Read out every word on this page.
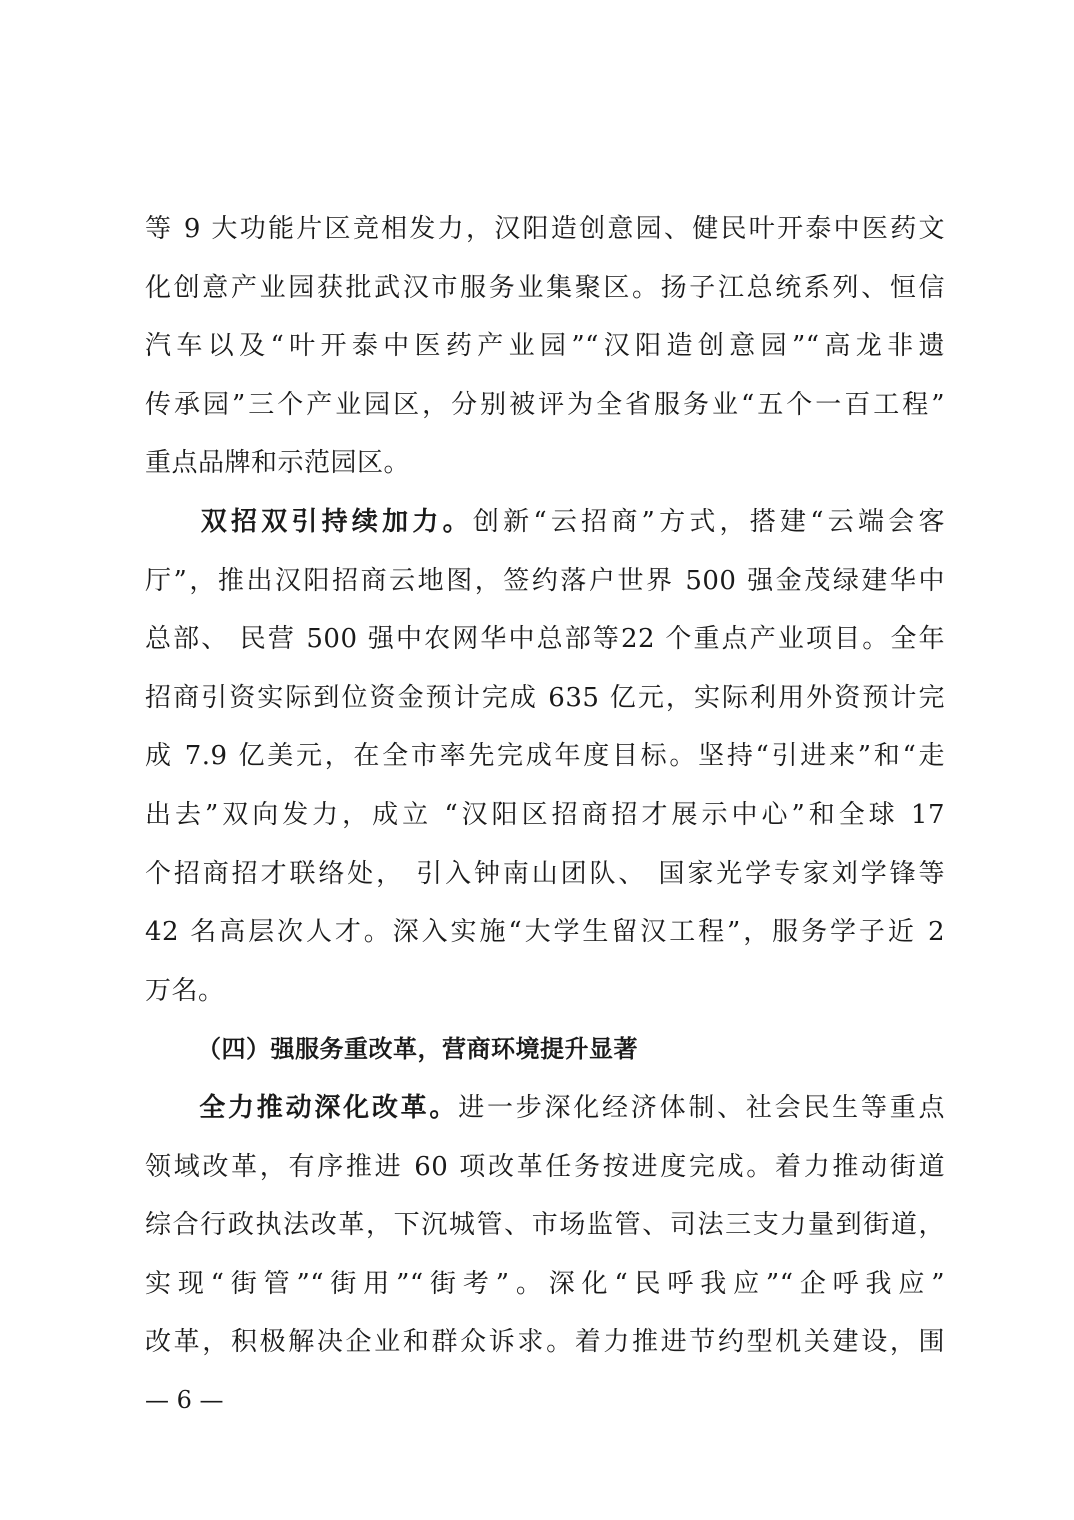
等 9 大功能片区竞相发力，汉阳造创意园、健民叶开泰中医药文
化创意产业园获批武汉市服务业集聚区。扬子江总统系列、恒信
汽车以及“叶开泰中医药产业园”“汉阳造创意园”“高龙非遗
传承园”三个产业园区，分别被评为全省服务业“五个一百工程”
重点品牌和示范园区。
双招双引持续加力。创新“云招商”方式，搭建“云端会客
厅”，推出汉阳招商云地图，签约落户世界 500 强金茂绿建华中
总部、 民营 500 强中农网华中总部等22 个重点产业项目。全年
招商引资实际到位资金预计完成 635 亿元，实际利用外资预计完
成 7.9 亿美元，在全市率先完成年度目标。坚持“引进来”和“走
出去”双向发力，成立 “汉阳区招商招才展示中心”和全球 17
个招商招才联络处， 引入钟南山团队、 国家光学专家刘学锋等
42 名高层次人才。深入实施“大学生留汉工程”，服务学子近 2
万名。
（四）强服务重改革，营商环境提升显著
全力推动深化改革。进一步深化经济体制、社会民生等重点
领域改革，有序推进 60 项改革任务按进度完成。着力推动街道
综合行政执法改革，下沉城管、市场监管、司法三支力量到街道，
实现“街管”“街用”“街考”。深化“民呼我应”“企呼我应”
改革，积极解决企业和群众诉求。着力推进节约型机关建设，围
— 6 —
